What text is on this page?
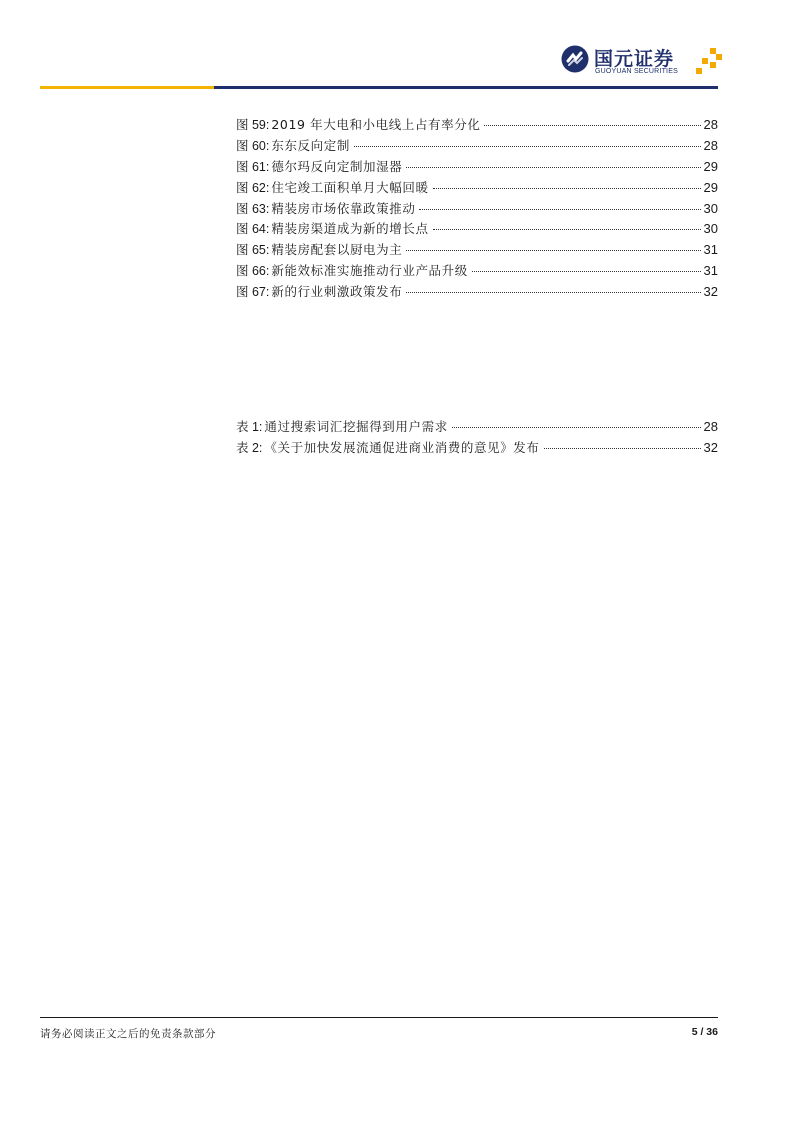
国元证券
GUOYUAN SECURITIES
图 59: 2019 年大电和小电线上占有率分化	28
图 60: 东东反向定制	28
图 61: 德尔玛反向定制加湿器	29
图 62: 住宅竣工面积单月大幅回暖	29
图 63: 精装房市场依靠政策推动	30
图 64: 精装房渠道成为新的增长点	30
图 65: 精装房配套以厨电为主	31
图 66: 新能效标准实施推动行业产品升级	31
图 67: 新的行业刺激政策发布	32
表 1: 通过搜索词汇挖掘得到用户需求	28
表 2: 《关于加快发展流通促进商业消费的意见》发布	32
请务必阅读正文之后的免责条款部分	5 / 36
